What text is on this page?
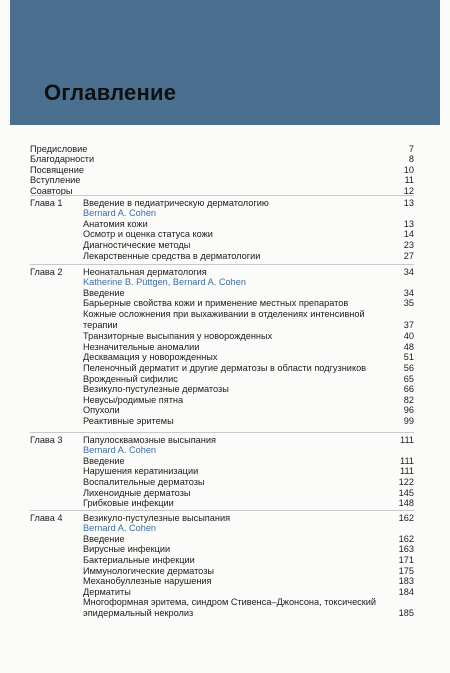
Оглавление
Предисловие	7
Благодарности	8
Посвящение	10
Вступление	11
Соавторы	12
Глава 1 Введение в педиатрическую дерматологию	13
Bernard A. Cohen
Анатомия кожи	13
Осмотр и оценка статуса кожи	14
Диагностические методы	23
Лекарственные средства в дерматологии	27
Глава 2 Неонатальная дерматология	34
Katherine B. Püttgen, Bernard A. Cohen
Введение	34
Барьерные свойства кожи и применение местных препаратов	35
Кожные осложнения при выхаживании в отделениях интенсивной терапии	37
Транзиторные высыпания у новорожденных	40
Незначительные аномалии	48
Десквамация у новорожденных	51
Пеленочный дерматит и другие дерматозы в области подгузников	56
Врожденный сифилис	65
Везикуло-пустулезные дерматозы	66
Невусы/родимые пятна	82
Опухоли	96
Реактивные эритемы	99
Глава 3 Папулосквамозные высыпания	111
Bernard A. Cohen
Введение	111
Нарушения кератинизации	111
Воспалительные дерматозы	122
Лихеноидные дерматозы	145
Грибковые инфекции	148
Глава 4 Везикуло-пустулезные высыпания	162
Bernard A. Cohen
Введение	162
Вирусные инфекции	163
Бактериальные инфекции	171
Иммунологические дерматозы	175
Механобуллезные нарушения	183
Дерматиты	184
Многоформная эритема, синдром Стивенса–Джонсона, токсический эпидермальный некролиз	185
